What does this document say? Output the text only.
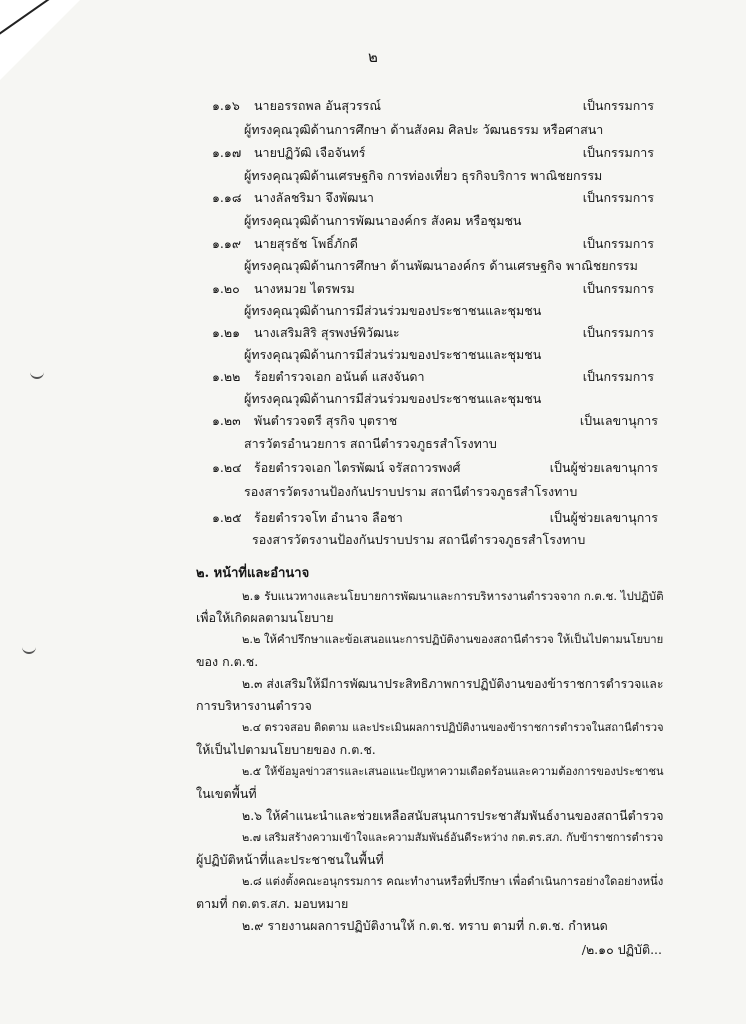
๒
๑.๑๖ นายอรรถพล อันสุวรรณ์	เป็นกรรมการ
ผู้ทรงคุณวุฒิด้านการศึกษา ด้านสังคม ศิลปะ วัฒนธรรม หรือศาสนา
๑.๑๗ นายปฏิวัฒิ เจือจันทร์	เป็นกรรมการ
ผู้ทรงคุณวุฒิด้านเศรษฐกิจ การท่องเที่ยว ธุรกิจบริการ พาณิชยกรรม
๑.๑๘ นางลัลชริมา จึงพัฒนา	เป็นกรรมการ
ผู้ทรงคุณวุฒิด้านการพัฒนาองค์กร สังคม หรือชุมชน
๑.๑๙ นายสุรธัช โพธิ์ภักดี	เป็นกรรมการ
ผู้ทรงคุณวุฒิด้านการศึกษา ด้านพัฒนาองค์กร ด้านเศรษฐกิจ พาณิชยกรรม
๑.๒๐ นางหมวย ไตรพรม	เป็นกรรมการ
ผู้ทรงคุณวุฒิด้านการมีส่วนร่วมของประชาชนและชุมชน
๑.๒๑ นางเสริมสิริ สุรพงษ์พิวัฒนะ	เป็นกรรมการ
ผู้ทรงคุณวุฒิด้านการมีส่วนร่วมของประชาชนและชุมชน
๑.๒๒ ร้อยตำรวจเอก อนันต์ แสงจันดา	เป็นกรรมการ
ผู้ทรงคุณวุฒิด้านการมีส่วนร่วมของประชาชนและชุมชน
๑.๒๓ พันตำรวจตรี สุรกิจ บุตราช	เป็นเลขานุการ
สารวัตรอำนวยการ สถานีตำรวจภูธรสำโรงทาบ
๑.๒๔ ร้อยตำรวจเอก ไตรพัฒน์ จรัสถาวรพงศ์	เป็นผู้ช่วยเลขานุการ
รองสารวัตรงานป้องกันปราบปราม สถานีตำรวจภูธรสำโรงทาบ
๑.๒๕ ร้อยตำรวจโท อำนาจ ลือชา	เป็นผู้ช่วยเลขานุการ
รองสารวัตรงานป้องกันปราบปราม สถานีตำรวจภูธรสำโรงทาบ
๒. หน้าที่และอำนาจ
๒.๑ รับแนวทางและนโยบายการพัฒนาและการบริหารงานตำรวจจาก ก.ต.ช. ไปปฏิบัติ
เพื่อให้เกิดผลตามนโยบาย
๒.๒ ให้คำปรึกษาและข้อเสนอแนะการปฏิบัติงานของสถานีตำรวจ ให้เป็นไปตามนโยบาย
ของ ก.ต.ช.
๒.๓ ส่งเสริมให้มีการพัฒนาประสิทธิภาพการปฏิบัติงานของข้าราชการตำรวจและ
การบริหารงานตำรวจ
๒.๔ ตรวจสอบ ติดตาม และประเมินผลการปฏิบัติงานของข้าราชการตำรวจในสถานีตำรวจ
ให้เป็นไปตามนโยบายของ ก.ต.ช.
๒.๕ ให้ข้อมูลข่าวสารและเสนอแนะปัญหาความเดือดร้อนและความต้องการของประชาชน
ในเขตพื้นที่
๒.๖ ให้คำแนะนำและช่วยเหลือสนับสนุนการประชาสัมพันธ์งานของสถานีตำรวจ
๒.๗ เสริมสร้างความเข้าใจและความสัมพันธ์อันดีระหว่าง กต.ตร.สภ. กับข้าราชการตำรวจ
ผู้ปฏิบัติหน้าที่และประชาชนในพื้นที่
๒.๘ แต่งตั้งคณะอนุกรรมการ คณะทำงานหรือที่ปรึกษา เพื่อดำเนินการอย่างใดอย่างหนึ่ง
ตามที่ กต.ตร.สภ. มอบหมาย
๒.๙ รายงานผลการปฏิบัติงานให้ ก.ต.ช. ทราบ ตามที่ ก.ต.ช. กำหนด
/๒.๑๐ ปฏิบัติ...
